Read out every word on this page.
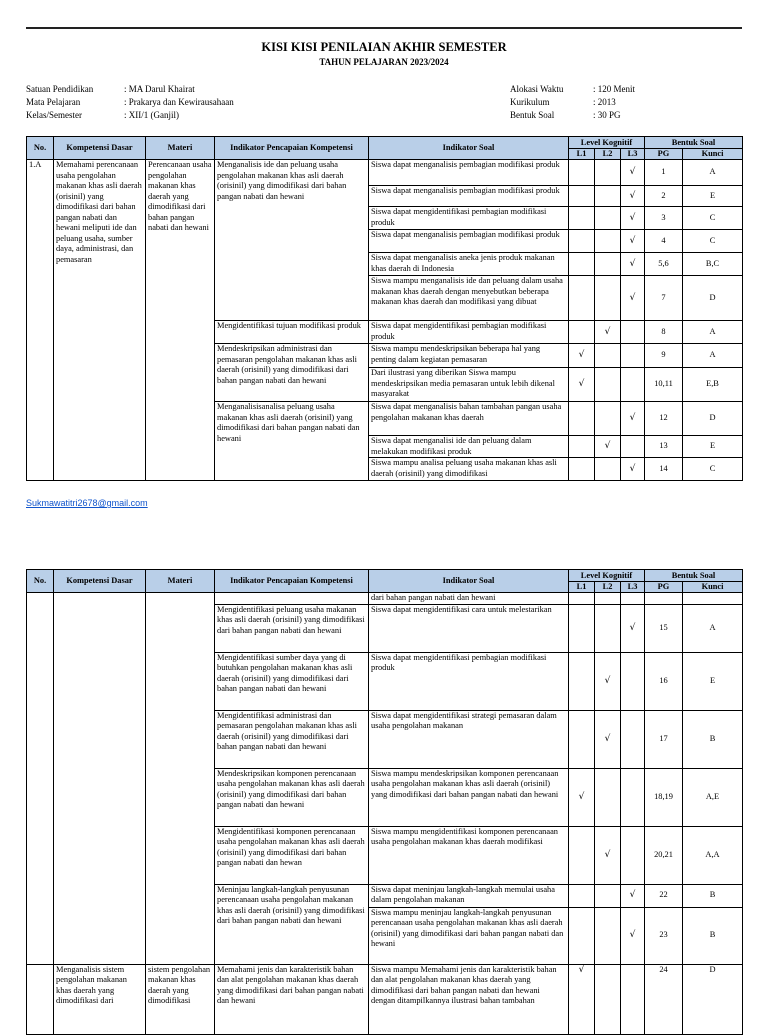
KISI KISI PENILAIAN AKHIR SEMESTER
TAHUN PELAJARAN 2023/2024
Satuan Pendidikan	: MA Darul Khairat
Mata Pelajaran	: Prakarya dan Kewirausahaan
Kelas/Semester	: XII/1 (Ganjil)
Alokasi Waktu	: 120 Menit
Kurikulum	: 2013
Bentuk Soal	: 30 PG
No.	Kompetensi Dasar	Materi	Indikator Pencapaian Kompetensi	Indikator Soal	Level Kognitif			Bentuk Soal	
					L1	L2	L3	PG	Kunci
1.A	Memahami perencanaan usaha pengolahan makanan khas asli daerah (orisinil) yang dimodifikasi dari bahan pangan nabati dan hewani meliputi ide dan peluang usaha, sumber daya, administrasi, dan pemasaran	Perencanaan usaha pengolahan makanan khas daerah yang dimodifikasi dari bahan pangan nabati dan hewani	Menganalisis ide dan peluang usaha pengolahan makanan khas asli daerah (orisinil) yang dimodifikasi dari bahan pangan nabati dan hewani	Siswa dapat menganalisis pembagian modifikasi produk			√	1	A
				Siswa dapat menganalisis pembagian modifikasi produk			√	2	E
				Siswa dapat mengidentifikasi pembagian modifikasi produk			√	3	C
				Siswa dapat menganalisis pembagian modifikasi produk			√	4	C
				Siswa dapat menganalisis aneka jenis produk makanan khas daerah di Indonesia			√	5,6	B,C
				Siswa mampu menganalisis ide dan peluang dalam usaha makanan khas daerah dengan menyebutkan beberapa makanan khas daerah dan modifikasi yang dibuat			√	7	D
			Mengidentifikasi tujuan modifikasi produk	Siswa dapat mengidentifikasi pembagian modifikasi produk		√		8	A
			Mendeskripsikan administrasi dan pemasaran pengolahan makanan khas asli daerah (orisinil) yang dimodifikasi dari bahan pangan nabati dan hewani	Siswa mampu mendeskripsikan beberapa hal yang penting dalam kegiatan pemasaran	√			9	A
				Dari ilustrasi yang diberikan Siswa mampu mendeskripsikan media pemasaran untuk lebih dikenal masyarakat	√			10,11	E,B
			Menganalisisanalisa peluang usaha makanan khas asli daerah (orisinil) yang dimodifikasi dari bahan pangan nabati dan hewani	Siswa dapat menganalisis bahan tambahan pangan usaha pengolahan makanan khas daerah			√	12	D
				Siswa dapat menganalisi ide dan peluang dalam melakukan modifikasi produk		√		13	E
				Siswa mampu analisa peluang usaha makanan khas asli daerah (orisinil) yang dimodifikasi			√	14	C
Sukmawatitri2678@gmail.com
No.	Kompetensi Dasar	Materi	Indikator Pencapaian Kompetensi	Indikator Soal	Level Kognitif			Bentuk Soal	
					L1	L2	L3	PG	Kunci
				dari bahan pangan nabati dan hewani					
			Mengidentifikasi peluang usaha makanan khas asli daerah (orisinil) yang dimodifikasi dari bahan pangan nabati dan hewani	Siswa dapat mengidentifikasi cara untuk melestarikan			√	15	A
			Mengidentifikasi sumber daya yang di butuhkan pengolahan makanan khas asli daerah (orisinil) yang dimodifikasi dari bahan pangan nabati dan hewani	Siswa dapat mengidentifikasi pembagian modifikasi produk		√		16	E
			Mengidentifikasi administrasi dan pemasaran pengolahan makanan khas asli daerah (orisinil) yang dimodifikasi dari bahan pangan nabati dan hewani	Siswa dapat mengidentifikasi strategi pemasaran dalam usaha pengolahan makanan		√		17	B
			Mendeskripsikan komponen perencanaan usaha pengolahan makanan khas asli daerah (orisinil) yang dimodifikasi dari bahan pangan nabati dan hewani	Siswa mampu mendeskripsikan komponen perencanaan usaha pengolahan makanan khas asli daerah (orisinil) yang dimodifikasi dari bahan pangan nabati dan hewani	√			18,19	A,E
			Mengidentifikasi komponen perencanaan usaha pengolahan makanan khas asli daerah (orisinil) yang dimodifikasi dari bahan pangan nabati dan hewan	Siswa mampu mengidentifikasi komponen perencanaan usaha pengolahan makanan khas daerah modifikasi		√		20,21	A,A
			Meninjau langkah-langkah penyusunan perencanaan usaha pengolahan makanan khas asli daerah (orisinil) yang dimodifikasi dari bahan pangan nabati dan hewani	Siswa dapat meninjau langkah-langkah memulai usaha dalam pengolahan makanan			√	22	B
				Siswa mampu meninjau langkah-langkah penyusunan perencanaan usaha pengolahan makanan khas asli daerah (orisinil) yang dimodifikasi dari bahan pangan nabati dan hewani			√	23	B
	Menganalisis sistem pengolahan makanan khas daerah yang dimodifikasi dari	sistem pengolahan makanan khas daerah yang dimodifikasi	Memahami jenis dan karakteristik bahan dan alat pengolahan makanan khas daerah yang dimodifikasi dari bahan pangan nabati dan hewani	Siswa mampu Memahami jenis dan karakteristik bahan dan alat pengolahan makanan khas daerah yang dimodifikasi dari bahan pangan nabati dan hewani dengan ditampilkannya ilustrasi bahan tambahan	√			24	D
